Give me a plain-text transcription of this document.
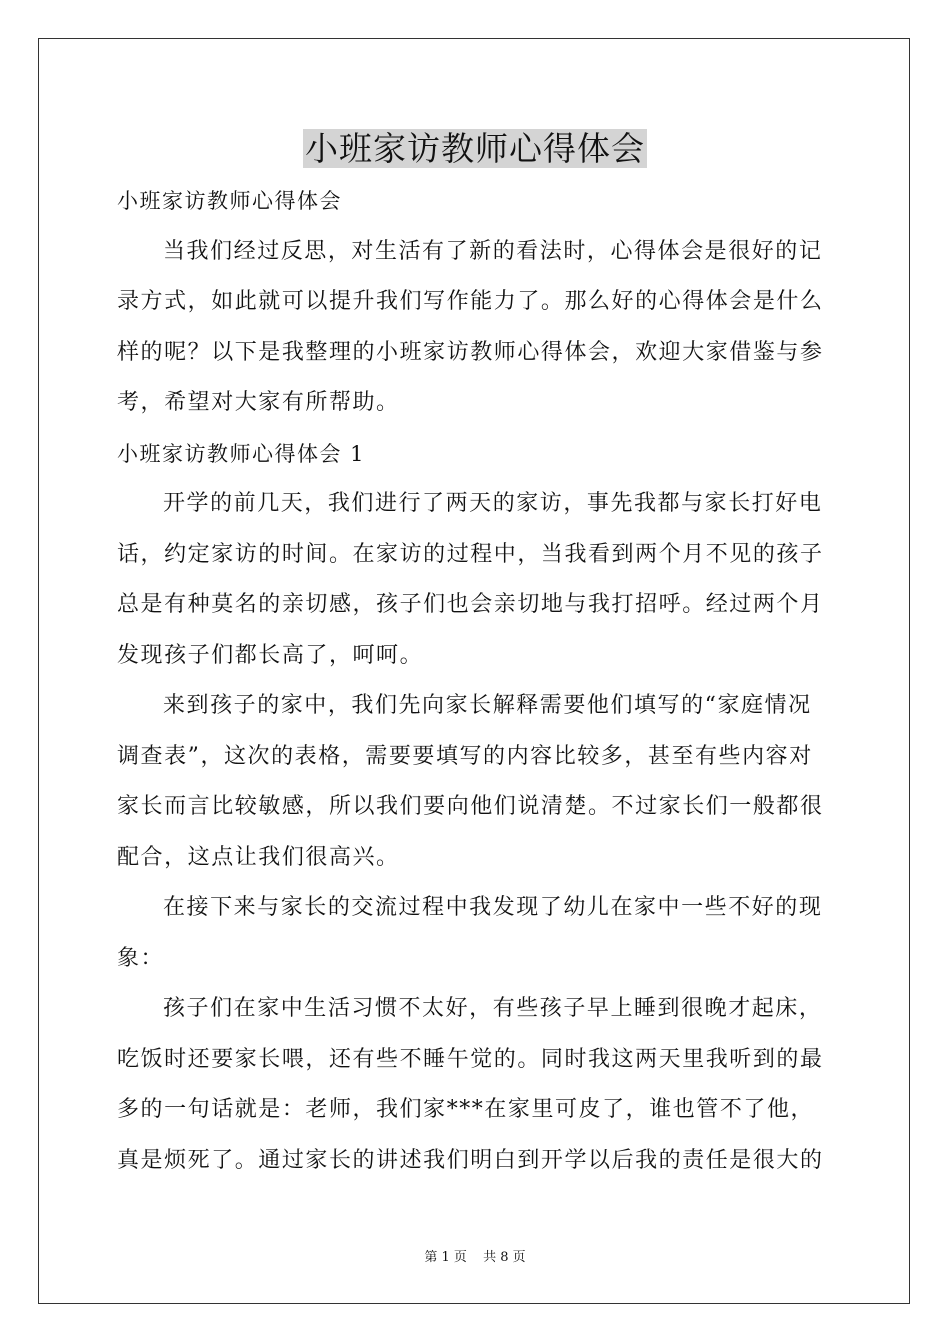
小班家访教师心得体会
小班家访教师心得体会
当我们经过反思，对生活有了新的看法时，心得体会是很好的记
录方式，如此就可以提升我们写作能力了。那么好的心得体会是什么
样的呢？以下是我整理的小班家访教师心得体会，欢迎大家借鉴与参
考，希望对大家有所帮助。
小班家访教师心得体会 1
开学的前几天，我们进行了两天的家访，事先我都与家长打好电
话，约定家访的时间。在家访的过程中，当我看到两个月不见的孩子
总是有种莫名的亲切感，孩子们也会亲切地与我打招呼。经过两个月
发现孩子们都长高了，呵呵。
来到孩子的家中，我们先向家长解释需要他们填写的“家庭情况
调查表”，这次的表格，需要要填写的内容比较多，甚至有些内容对
家长而言比较敏感，所以我们要向他们说清楚。不过家长们一般都很
配合，这点让我们很高兴。
在接下来与家长的交流过程中我发现了幼儿在家中一些不好的现
象：
孩子们在家中生活习惯不太好，有些孩子早上睡到很晚才起床，
吃饭时还要家长喂，还有些不睡午觉的。同时我这两天里我听到的最
多的一句话就是：老师，我们家***在家里可皮了，谁也管不了他，
真是烦死了。通过家长的讲述我们明白到开学以后我的责任是很大的
第 1 页 共 8 页
